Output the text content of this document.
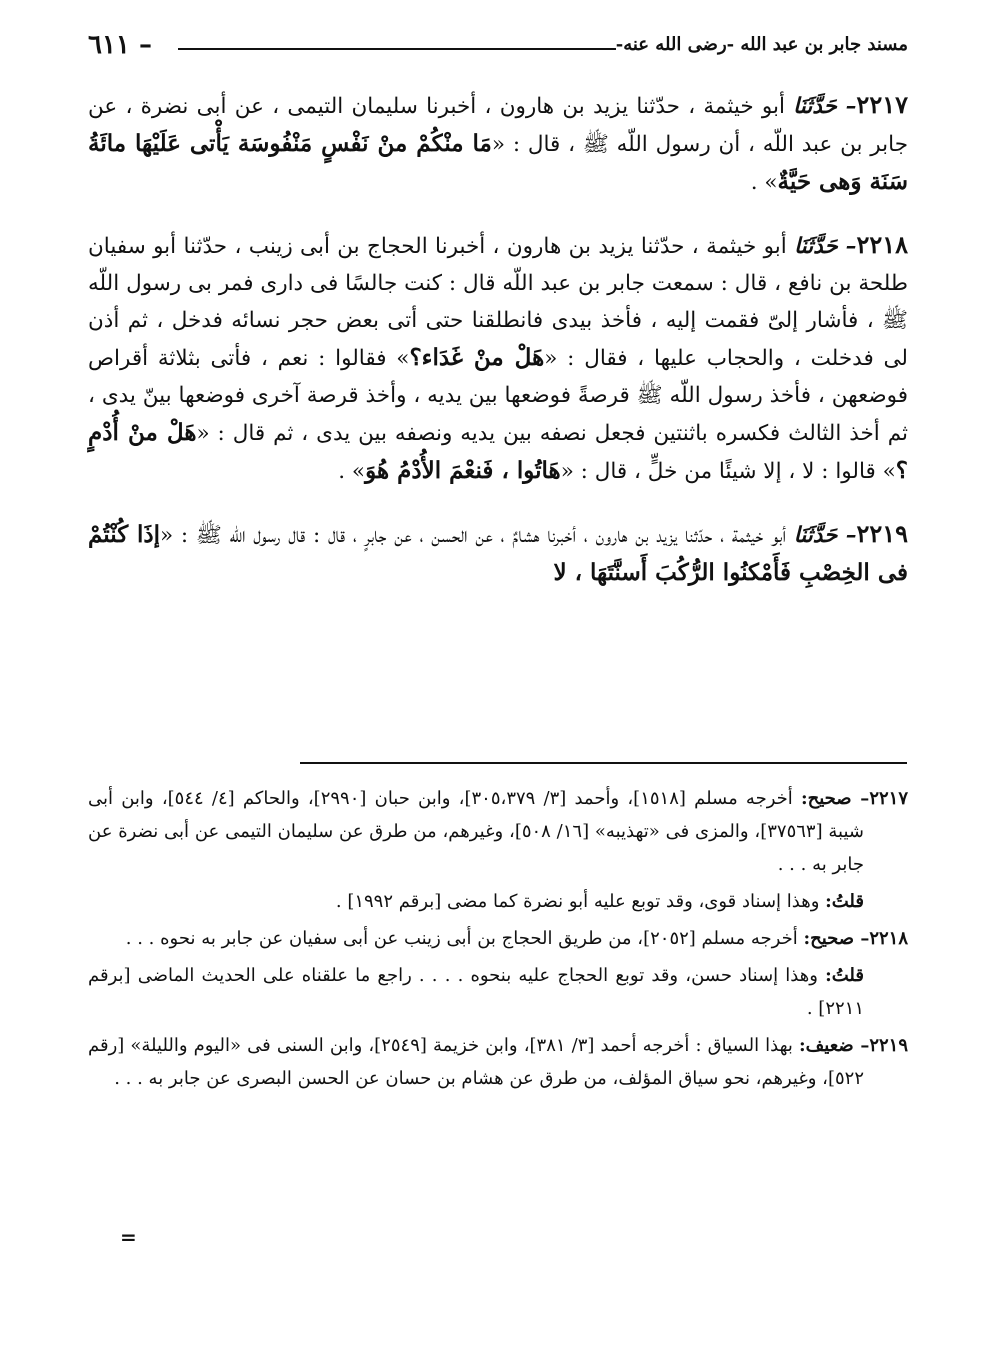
– ٦١١	مسند جابر بن عبد الله -رضى الله عنه-

٢٢١٧– حَدَّثَنَا أبو خيثمة ، حدّثنا يزيد بن هارون ، أخبرنا سليمان التيمى ، عن أبى نضرة ، عن جابر بن عبد اللّه ، أن رسول اللّه ﷺ ، قال : «مَا منْكُمْ منْ نَفْسٍ مَنْفُوسَة يَأْتى عَلَيْهَا مائَةُ سَنَة وَهى حَيَّةٌ» .

٢٢١٨– حَدَّثَنَا أبو خيثمة ، حدّثنا يزيد بن هارون ، أخبرنا الحجاج بن أبى زينب ، حدّثنا أبو سفيان طلحة بن نافع ، قال : سمعت جابر بن عبد اللّه قال : كنت جالسًا فى دارى فمر بى رسول اللّه ﷺ ، فأشار إلىّ فقمت إليه ، فأخذ بيدى فانطلقنا حتى أتى بعض حجر نسائه فدخل ، ثم أذن لى فدخلت ، والحجاب عليها ، فقال : «هَلْ منْ غَدَاء؟» فقالوا : نعم ، فأتى بثلاثة أقراص فوضعهن ، فأخذ رسول اللّه ﷺ قرصةً فوضعها بين يديه ، وأخذ قرصة آخرى فوضعها بينّ يدى ، ثم أخذ الثالث فكسره باثنتين فجعل نصفه بين يديه ونصفه بين يدى ، ثم قال : «هَلْ منْ أُدْمٍ ؟» قالوا : لا ، إلا شيئًا من خلٍّ ، قال : «هَاتُوا ، فَنعْمَ الأُدْمُ هُوَ» .

٢٢١٩– حَدَّثَنَا أبو خيثمة ، حدّثنا يزيد بن هارون ، أخبرنا هشامٌ ، عن الحسن ، عن جابرٍ ، قال : قال رسول اللّه ﷺ : «إذَا كُنْتُمْ فى الخِصْبِ فَأَمْكنُوا الرُّكُبَ أَسنَّتَهَا ، لا

٢٢١٧– صحيح: أخرجه مسلم [١٥١٨]، وأحمد [٣/ ٣٠٥،٣٧٩]، وابن حبان [٢٩٩٠]، والحاكم [٤/ ٥٤٤]، وابن أبى شيبة [٣٧٥٦٣]، والمزى فى «تهذيبه» [١٦/ ٥٠٨]، وغيرهم، من طرق عن سليمان التيمى عن أبى نضرة عن جابر به . . .

قلتُ: وهذا إسناد قوى، وقد توبع عليه أبو نضرة كما مضى [برقم ١٩٩٢] .

٢٢١٨– صحيح: أخرجه مسلم [٢٠٥٢]، من طريق الحجاج بن أبى زينب عن أبى سفيان عن جابر به نحوه . . .

قلتُ: وهذا إسناد حسن، وقد توبع الحجاج عليه بنحوه . . . . راجع ما علقناه على الحديث الماضى [برقم ٢٢١١] .

٢٢١٩– ضعيف: بهذا السياق : أخرجه أحمد [٣/ ٣٨١]، وابن خزيمة [٢٥٤٩]، وابن السنى فى «اليوم والليلة» [رقم ٥٢٢]، وغيرهم، نحو سياق المؤلف، من طرق عن هشام بن حسان عن الحسن البصرى عن جابر به . . .

=
